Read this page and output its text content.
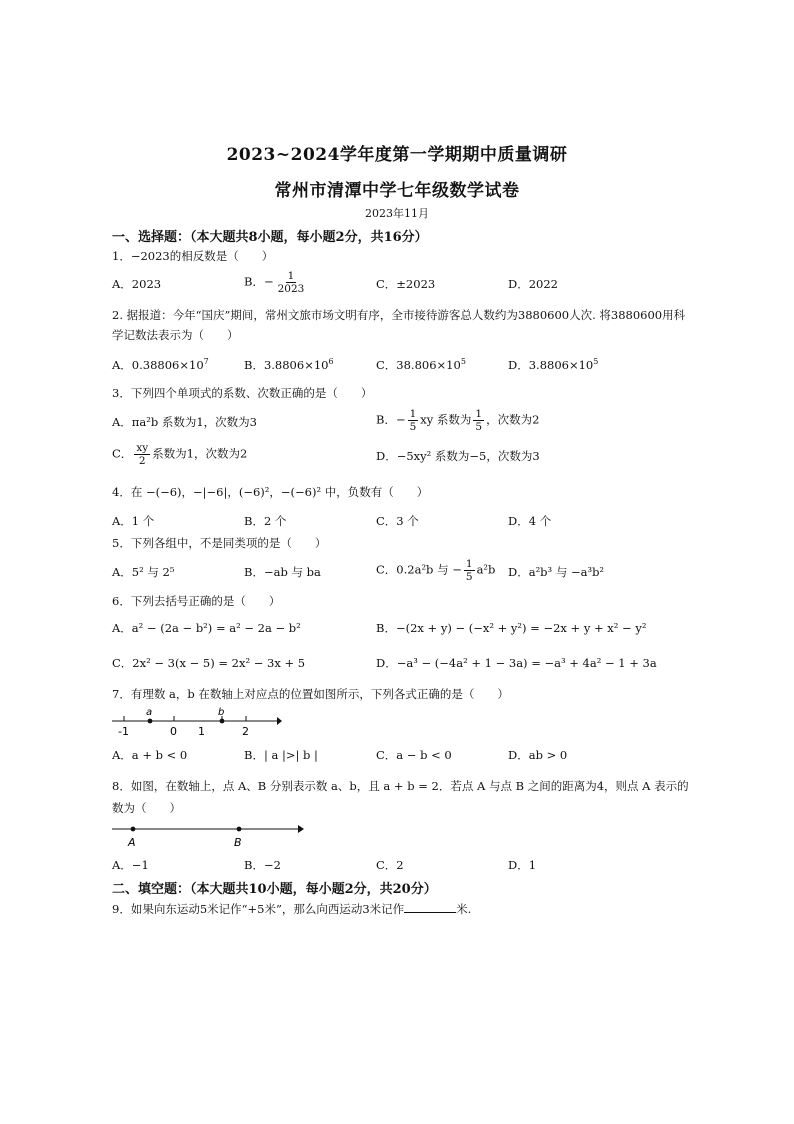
2023~2024学年度第一学期期中质量调研
常州市清潭中学七年级数学试卷
2023年11月
一、选择题：（本大题共8小题，每小题2分，共16分）
1．−2023的相反数是（　　）
A．2023	B．− $\frac{1}{2023}$	C．±2023	D．2022
2. 据报道：今年“国庆”期间，常州文旅市场文明有序，全市接待游客总人数约为3880600人次. 将3880600用科学记数法表示为（　　）
A．$0.38806\times 10^7$	B．$3.8806\times 10^6$	C．$38.806\times 10^5$	D．$3.8806\times 10^5$
3．下列四个单项式的系数、次数正确的是（　　）
A．πa²b 系数为1，次数为3	B．− $\frac{1}{5}$ xy 系数为 $\frac{1}{5}$ ，次数为2
C． $\frac{xy}{2}$ 系数为1，次数为2	D．−5xy² 系数为−5，次数为3
4．在 −(−6)，−|−6|，(−6)²，−(−6)² 中，负数有（　　）
A．1 个	B．2 个	C．3 个	D．4 个
5．下列各组中，不是同类项的是（　　）
A．5² 与 2⁵	B．−ab 与 ba	C．0.2a²b 与 − $\frac{1}{5} a^2b$ D．a²b³ 与 −a³b²
6．下列去括号正确的是（　　）
A．a² − (2a − b²) = a² − 2a − b²	B．−(2x + y) − (−x² + y²) = −2x + y + x² − y²
C．2x² − 3(x − 5) = 2x² − 3x + 5	D．−a³ − (−4a² + 1 − 3a) = −a³ + 4a² − 1 + 3a
7．有理数 a，b 在数轴上对应点的位置如图所示，下列各式正确的是（　　）
a	b
-1	0 1	2
A．a + b < 0	B．| a |>| b |	C．a − b < 0	D．ab > 0
8．如图，在数轴上，点 A、B 分别表示数 a、b，且 a + b = 2．若点 A 与点 B 之间的距离为4，则点 A 表示的数为（　　）
A	B
A．−1	B．−2	C．2	D．1
二、填空题：（本大题共10小题，每小题2分，共20分）
9．如果向东运动5米记作“+5米”，那么向西运动3米记作	米.
